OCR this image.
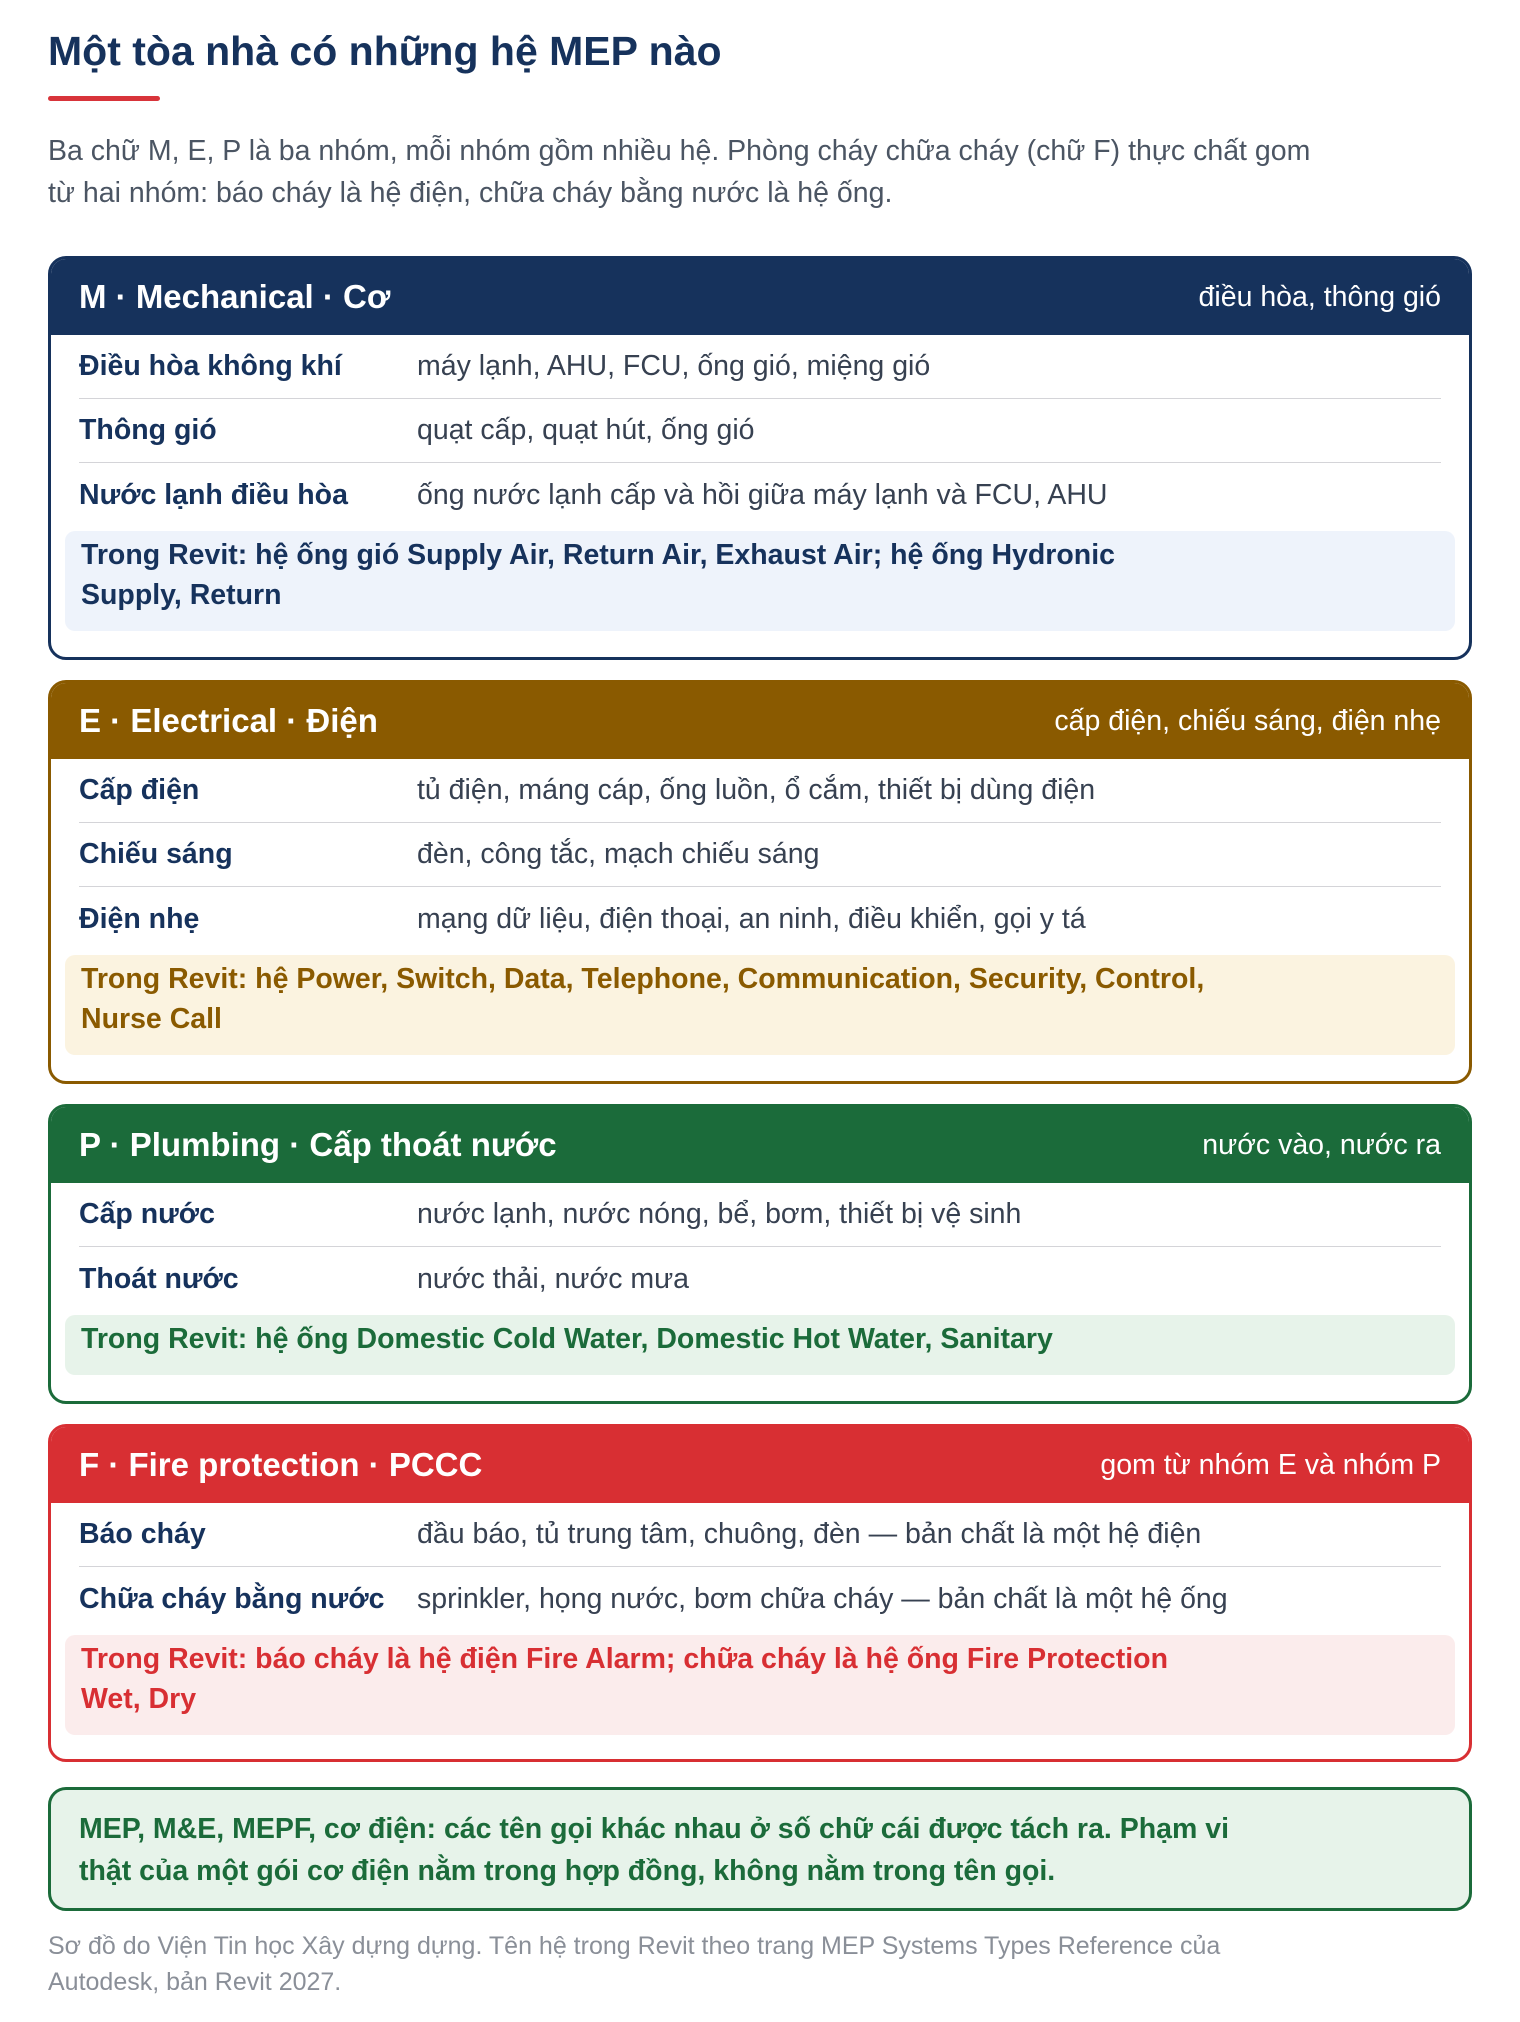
Một tòa nhà có những hệ MEP nào
Ba chữ M, E, P là ba nhóm, mỗi nhóm gồm nhiều hệ. Phòng cháy chữa cháy (chữ F) thực chất gom
từ hai nhóm: báo cháy là hệ điện, chữa cháy bằng nước là hệ ống.
M · Mechanical · Cơ	điều hòa, thông gió
Điều hòa không khí	máy lạnh, AHU, FCU, ống gió, miệng gió
Thông gió	quạt cấp, quạt hút, ống gió
Nước lạnh điều hòa	ống nước lạnh cấp và hồi giữa máy lạnh và FCU, AHU
Trong Revit: hệ ống gió Supply Air, Return Air, Exhaust Air; hệ ống Hydronic
Supply, Return
E · Electrical · Điện	cấp điện, chiếu sáng, điện nhẹ
Cấp điện	tủ điện, máng cáp, ống luồn, ổ cắm, thiết bị dùng điện
Chiếu sáng	đèn, công tắc, mạch chiếu sáng
Điện nhẹ	mạng dữ liệu, điện thoại, an ninh, điều khiển, gọi y tá
Trong Revit: hệ Power, Switch, Data, Telephone, Communication, Security, Control,
Nurse Call
P · Plumbing · Cấp thoát nước	nước vào, nước ra
Cấp nước	nước lạnh, nước nóng, bể, bơm, thiết bị vệ sinh
Thoát nước	nước thải, nước mưa
Trong Revit: hệ ống Domestic Cold Water, Domestic Hot Water, Sanitary
F · Fire protection · PCCC	gom từ nhóm E và nhóm P
Báo cháy	đầu báo, tủ trung tâm, chuông, đèn — bản chất là một hệ điện
Chữa cháy bằng nước	sprinkler, họng nước, bơm chữa cháy — bản chất là một hệ ống
Trong Revit: báo cháy là hệ điện Fire Alarm; chữa cháy là hệ ống Fire Protection
Wet, Dry
MEP, M&E, MEPF, cơ điện: các tên gọi khác nhau ở số chữ cái được tách ra. Phạm vi
thật của một gói cơ điện nằm trong hợp đồng, không nằm trong tên gọi.
Sơ đồ do Viện Tin học Xây dựng dựng. Tên hệ trong Revit theo trang MEP Systems Types Reference của
Autodesk, bản Revit 2027.
